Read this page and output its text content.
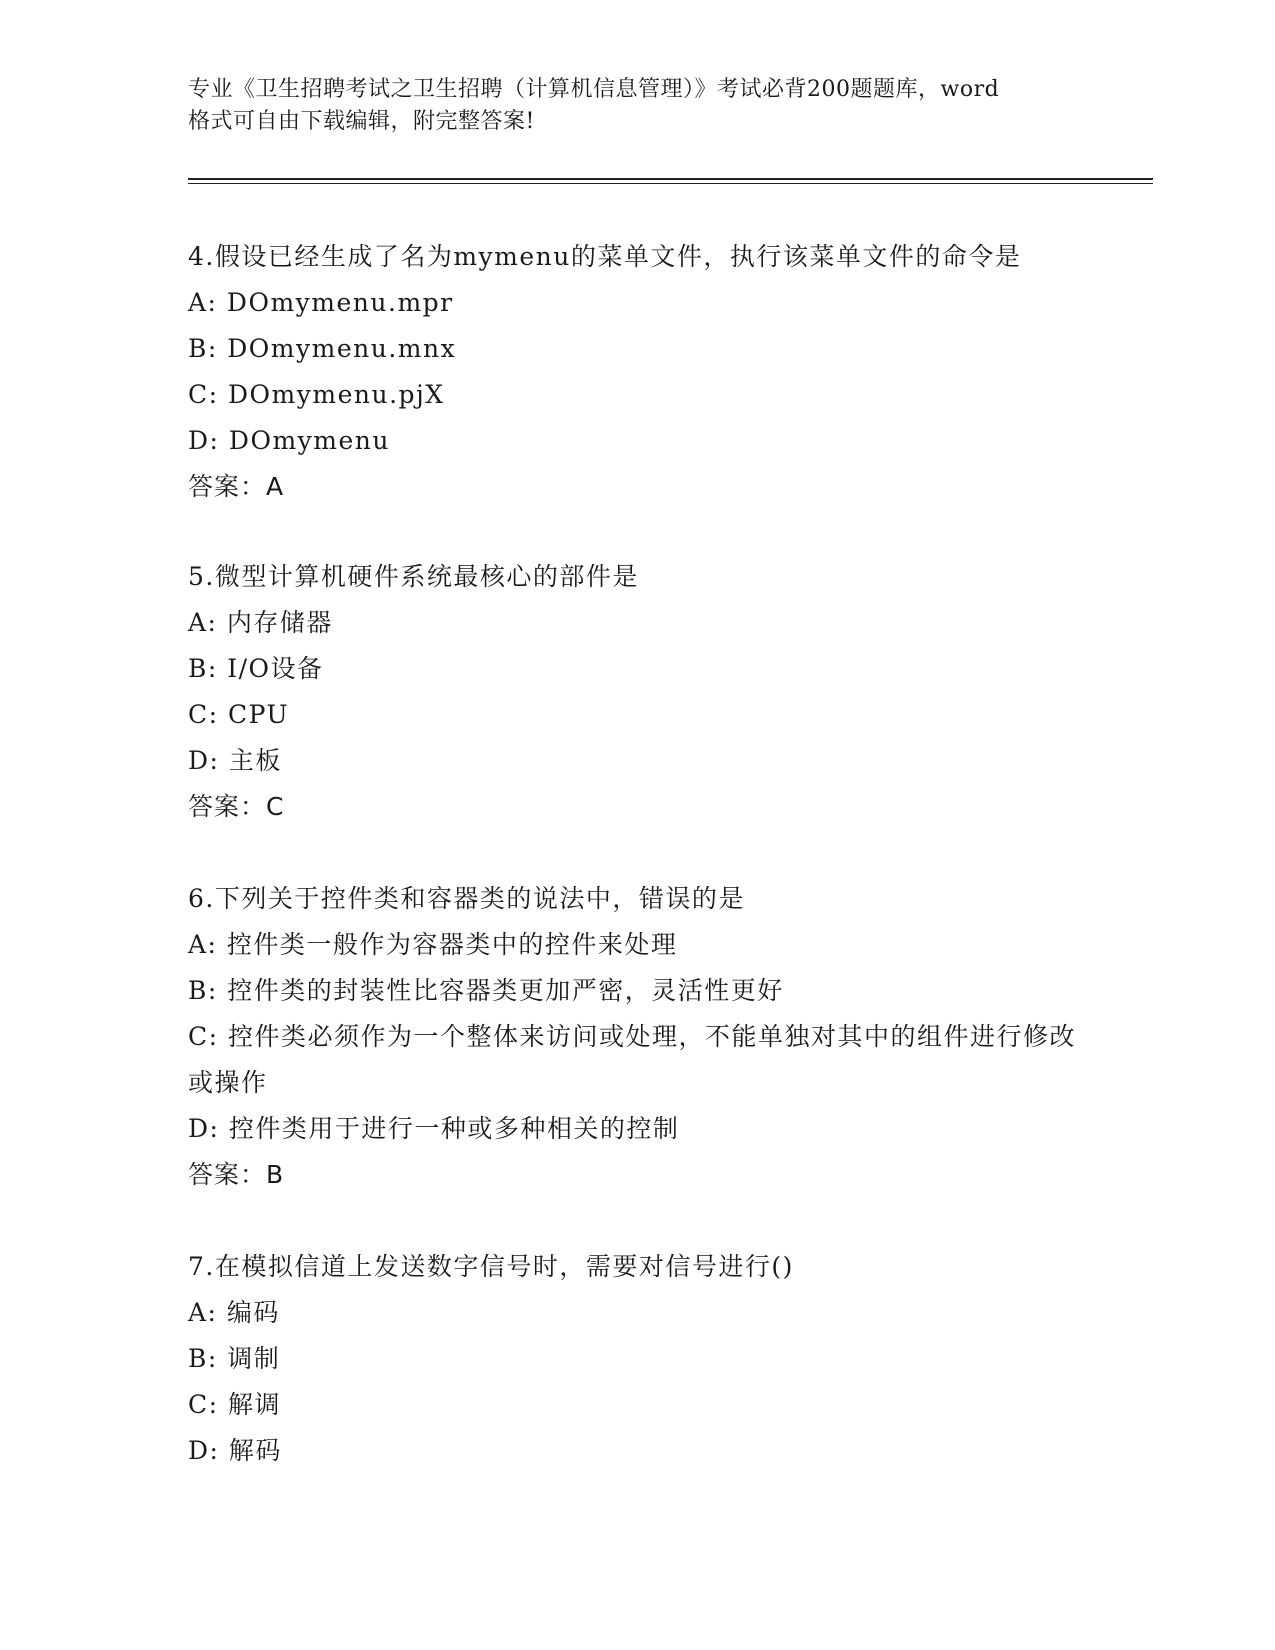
专业《卫生招聘考试之卫生招聘（计算机信息管理）》考试必背200题题库，word
格式可自由下载编辑，附完整答案!
4.假设已经生成了名为mymenu的菜单文件，执行该菜单文件的命令是
A: DOmymenu.mpr
B: DOmymenu.mnx
C: DOmymenu.pjX
D: DOmymenu
答案：A
5.微型计算机硬件系统最核心的部件是
A: 内存储器
B: I/O设备
C: CPU
D: 主板
答案：C
6.下列关于控件类和容器类的说法中，错误的是
A: 控件类一般作为容器类中的控件来处理
B: 控件类的封装性比容器类更加严密，灵活性更好
C: 控件类必须作为一个整体来访问或处理，不能单独对其中的组件进行修改或操作
D: 控件类用于进行一种或多种相关的控制
答案：B
7.在模拟信道上发送数字信号时，需要对信号进行()
A: 编码
B: 调制
C: 解调
D: 解码
